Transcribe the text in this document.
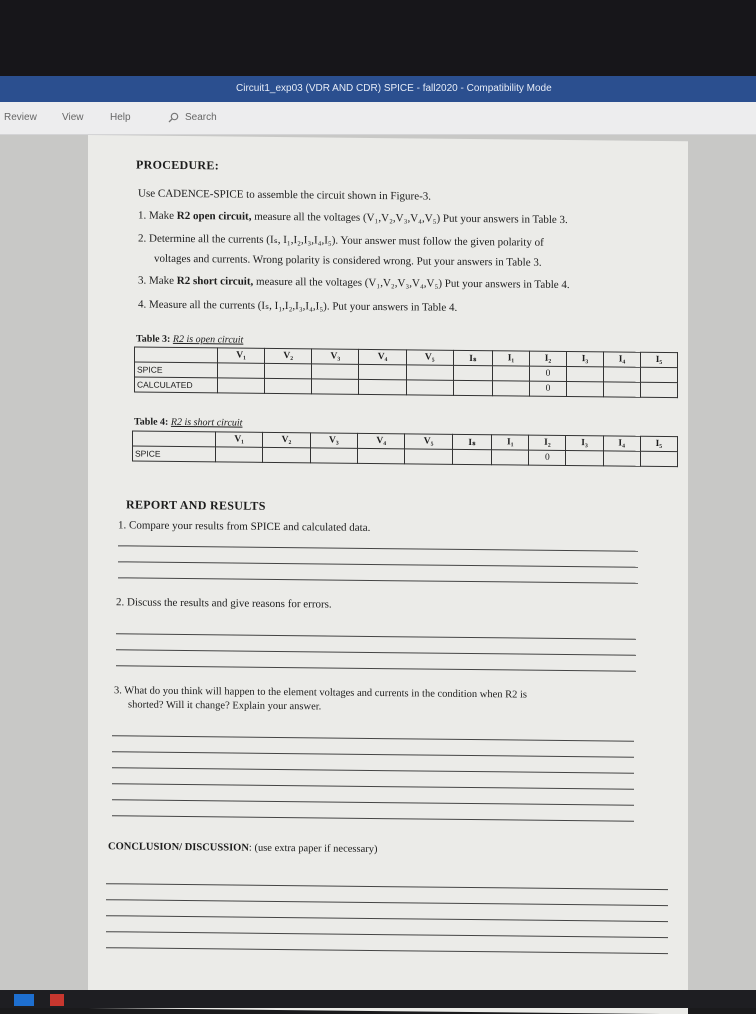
Circuit1_exp03 (VDR AND CDR) SPICE - fall2020 - Compatibility Mode
Review	View	Help	Search
PROCEDURE:
Use CADENCE-SPICE to assemble the circuit shown in Figure-3.
1. Make R2 open circuit, measure all the voltages (V₁,V₂,V₃,V₄,V₅) Put your answers in Table 3.
2. Determine all the currents (Iₛ, I₁,I₂,I₃,I₄,I₅). Your answer must follow the given polarity of
voltages and currents. Wrong polarity is considered wrong. Put your answers in Table 3.
3. Make R2 short circuit, measure all the voltages (V₁,V₂,V₃,V₄,V₅) Put your answers in Table 4.
4. Measure all the currents (Iₛ, I₁,I₂,I₃,I₄,I₅). Put your answers in Table 4.
Table 3: R2 is open circuit
	V₁	V₂	V₃	V₄	V₅	Iₛ	I₁	I₂	I₃	I₄	I₅
SPICE								0			
CALCULATED								0			
Table 4: R2 is short circuit
	V₁	V₂	V₃	V₄	V₅	Iₛ	I₁	I₂	I₃	I₄	I₅
SPICE								0			
REPORT AND RESULTS
1. Compare your results from SPICE and calculated data.
2. Discuss the results and give reasons for errors.
3. What do you think will happen to the element voltages and currents in the condition when R2 is
shorted? Will it change? Explain your answer.
CONCLUSION/ DISCUSSION: (use extra paper if necessary)
